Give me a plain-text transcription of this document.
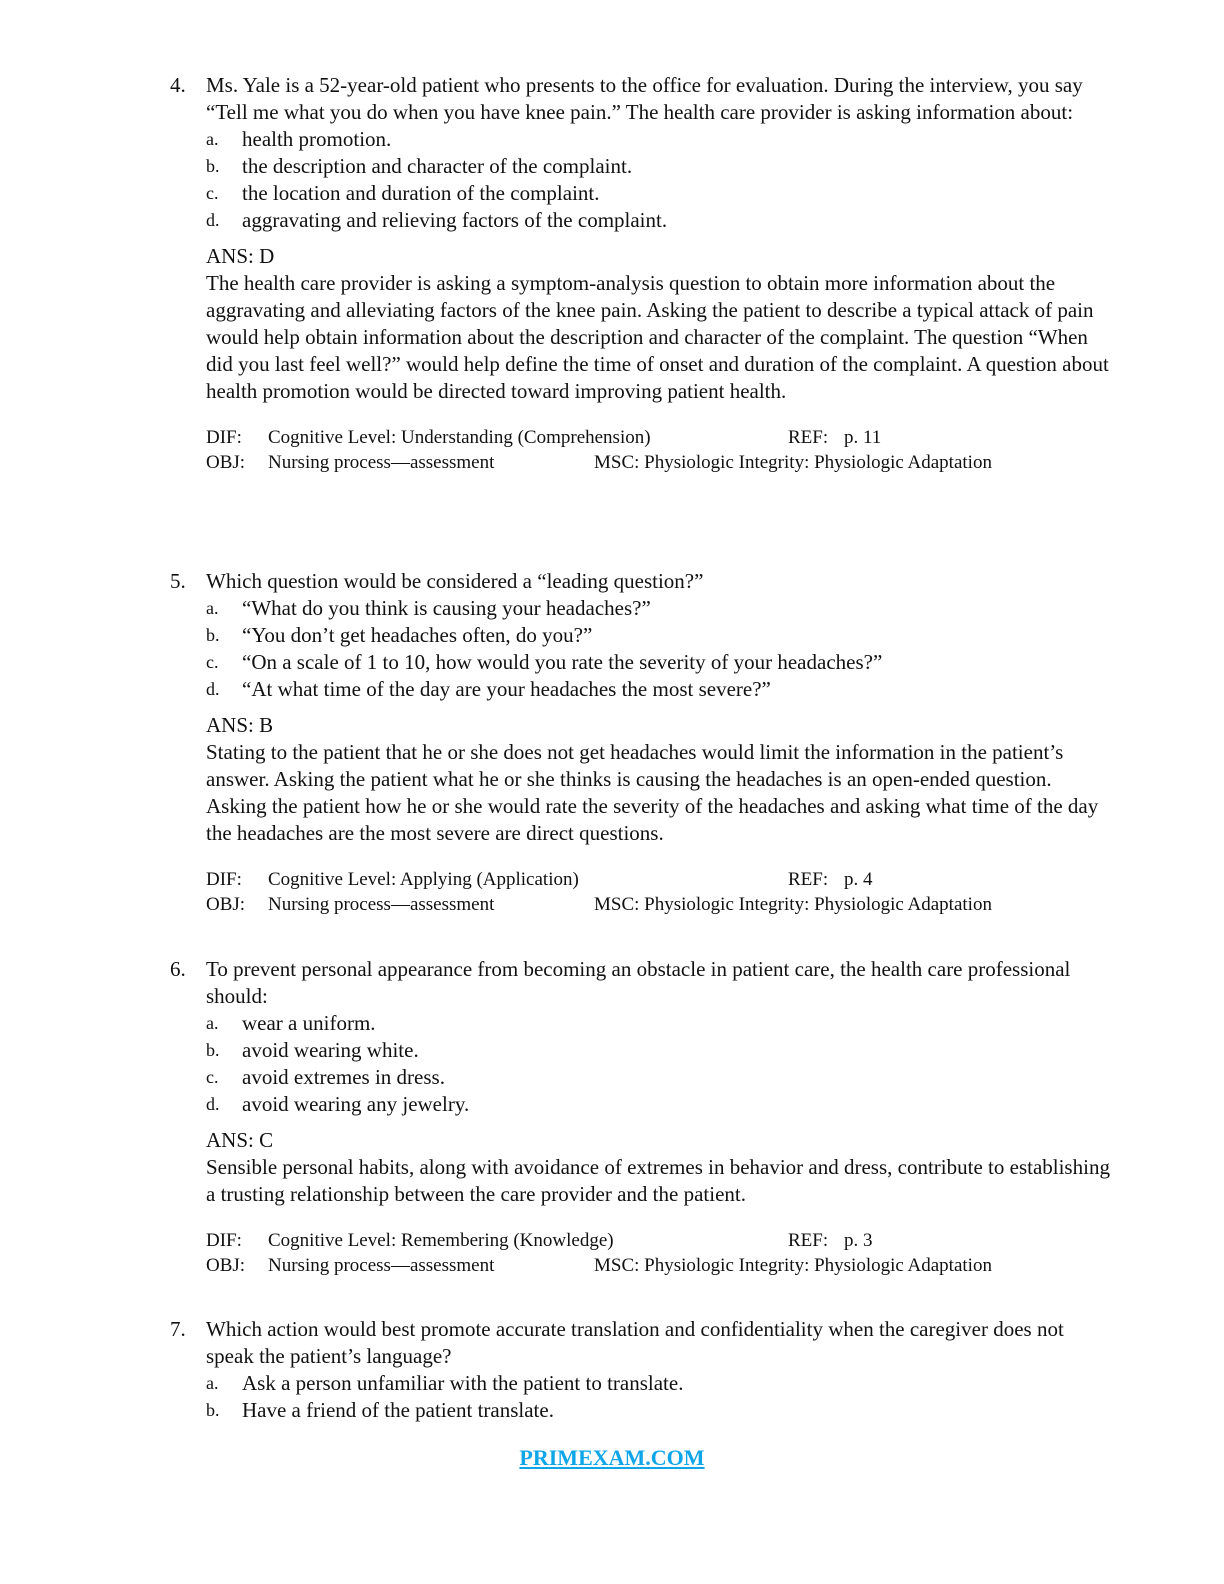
4. Ms. Yale is a 52-year-old patient who presents to the office for evaluation. During the interview, you say “Tell me what you do when you have knee pain.” The health care provider is asking information about:

a. health promotion.
b. the description and character of the complaint.
c. the location and duration of the complaint.
d. aggravating and relieving factors of the complaint.

ANS: D

The health care provider is asking a symptom-analysis question to obtain more information about the aggravating and alleviating factors of the knee pain. Asking the patient to describe a typical attack of pain would help obtain information about the description and character of the complaint. The question “When did you last feel well?” would help define the time of onset and duration of the complaint. A question about health promotion would be directed toward improving patient health.

DIF: Cognitive Level: Understanding (Comprehension)	REF: p. 11
OBJ: Nursing process—assessment	MSC: Physiologic Integrity: Physiologic Adaptation
5. Which question would be considered a “leading question?”

a. “What do you think is causing your headaches?”
b. “You don’t get headaches often, do you?”
c. “On a scale of 1 to 10, how would you rate the severity of your headaches?”
d. “At what time of the day are your headaches the most severe?”

ANS: B

Stating to the patient that he or she does not get headaches would limit the information in the patient’s answer. Asking the patient what he or she thinks is causing the headaches is an open-ended question. Asking the patient how he or she would rate the severity of the headaches and asking what time of the day the headaches are the most severe are direct questions.

DIF: Cognitive Level: Applying (Application)	REF: p. 4
OBJ: Nursing process—assessment	MSC: Physiologic Integrity: Physiologic Adaptation
6. To prevent personal appearance from becoming an obstacle in patient care, the health care professional should:

a. wear a uniform.
b. avoid wearing white.
c. avoid extremes in dress.
d. avoid wearing any jewelry.

ANS: C

Sensible personal habits, along with avoidance of extremes in behavior and dress, contribute to establishing a trusting relationship between the care provider and the patient.

DIF: Cognitive Level: Remembering (Knowledge)	REF: p. 3
OBJ: Nursing process—assessment	MSC: Physiologic Integrity: Physiologic Adaptation
7. Which action would best promote accurate translation and confidentiality when the caregiver does not speak the patient’s language?

a. Ask a person unfamiliar with the patient to translate.
b. Have a friend of the patient translate.
PRIMEXAM.COM
